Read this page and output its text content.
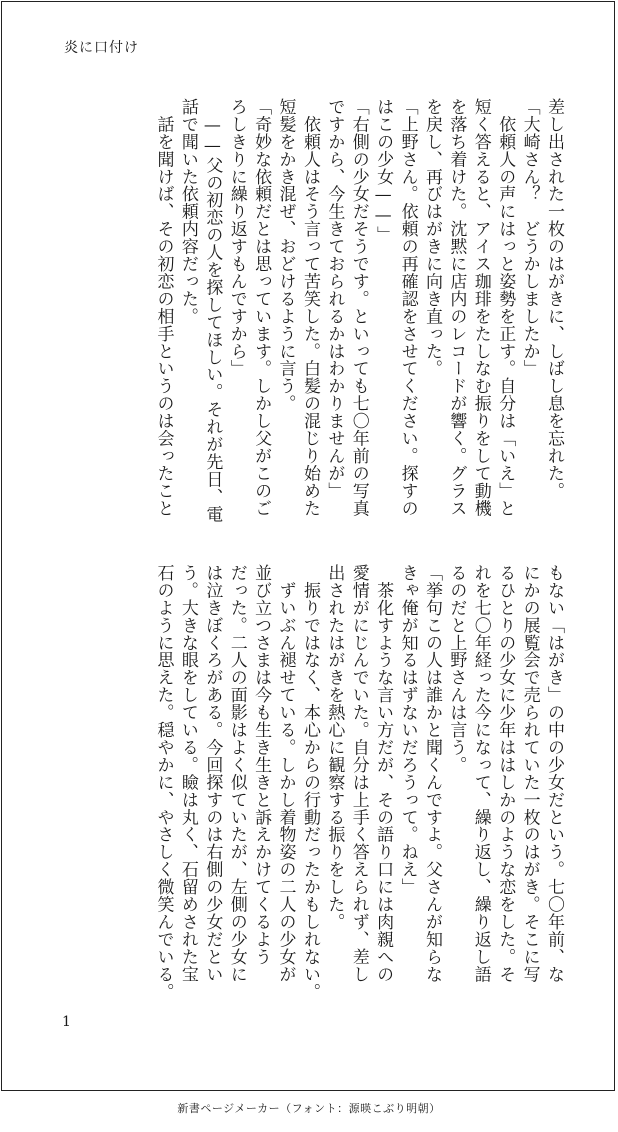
炎に口付け
差し出された一枚のはがきに、しばし息を忘れた。
「大崎さん？　どうかしましたか」
　依頼人の声にはっと姿勢を正す。自分は「いえ」と
短く答えると、アイス珈琲をたしなむ振りをして動機
を落ち着けた。沈黙に店内のレコードが響く。グラス
を戻し、再びはがきに向き直った。
「上野さん。依頼の再確認をさせてください。探すの
はこの少女——」
「右側の少女だそうです。といっても七〇年前の写真
ですから、今生きておられるかはわかりませんが」
　依頼人はそう言って苦笑した。白髪の混じり始めた
短髪をかき混ぜ、おどけるように言う。
「奇妙な依頼だとは思っています。しかし父がこのご
ろしきりに繰り返すもんですから」
　——父の初恋の人を探してほしい。それが先日、電
話で聞いた依頼内容だった。
　話を聞けば、その初恋の相手というのは会ったこと
もない「はがき」の中の少女だという。七〇年前、な
にかの展覧会で売られていた一枚のはがき。そこに写
るひとりの少女に少年ははしかのような恋をした。そ
れを七〇年経った今になって、繰り返し、繰り返し語
るのだと上野さんは言う。
「挙句この人は誰かと聞くんですよ。父さんが知らな
きゃ俺が知るはずないだろうって。ねえ」
　茶化すような言い方だが、その語り口には肉親への
愛情がにじんでいた。自分は上手く答えられず、差し
出されたはがきを熱心に観察する振りをした。
　振りではなく、本心からの行動だったかもしれない。
　ずいぶん褪せている。しかし着物姿の二人の少女が
並び立つさまは今も生き生きと訴えかけてくるよう
だった。二人の面影はよく似ていたが、左側の少女に
は泣きぼくろがある。今回探すのは右側の少女だとい
う。大きな眼をしている。瞼は丸く、石留めされた宝
石のように思えた。穏やかに、やさしく微笑んでいる。
1
新書ページメーカー（フォント：源暎こぶり明朝）
